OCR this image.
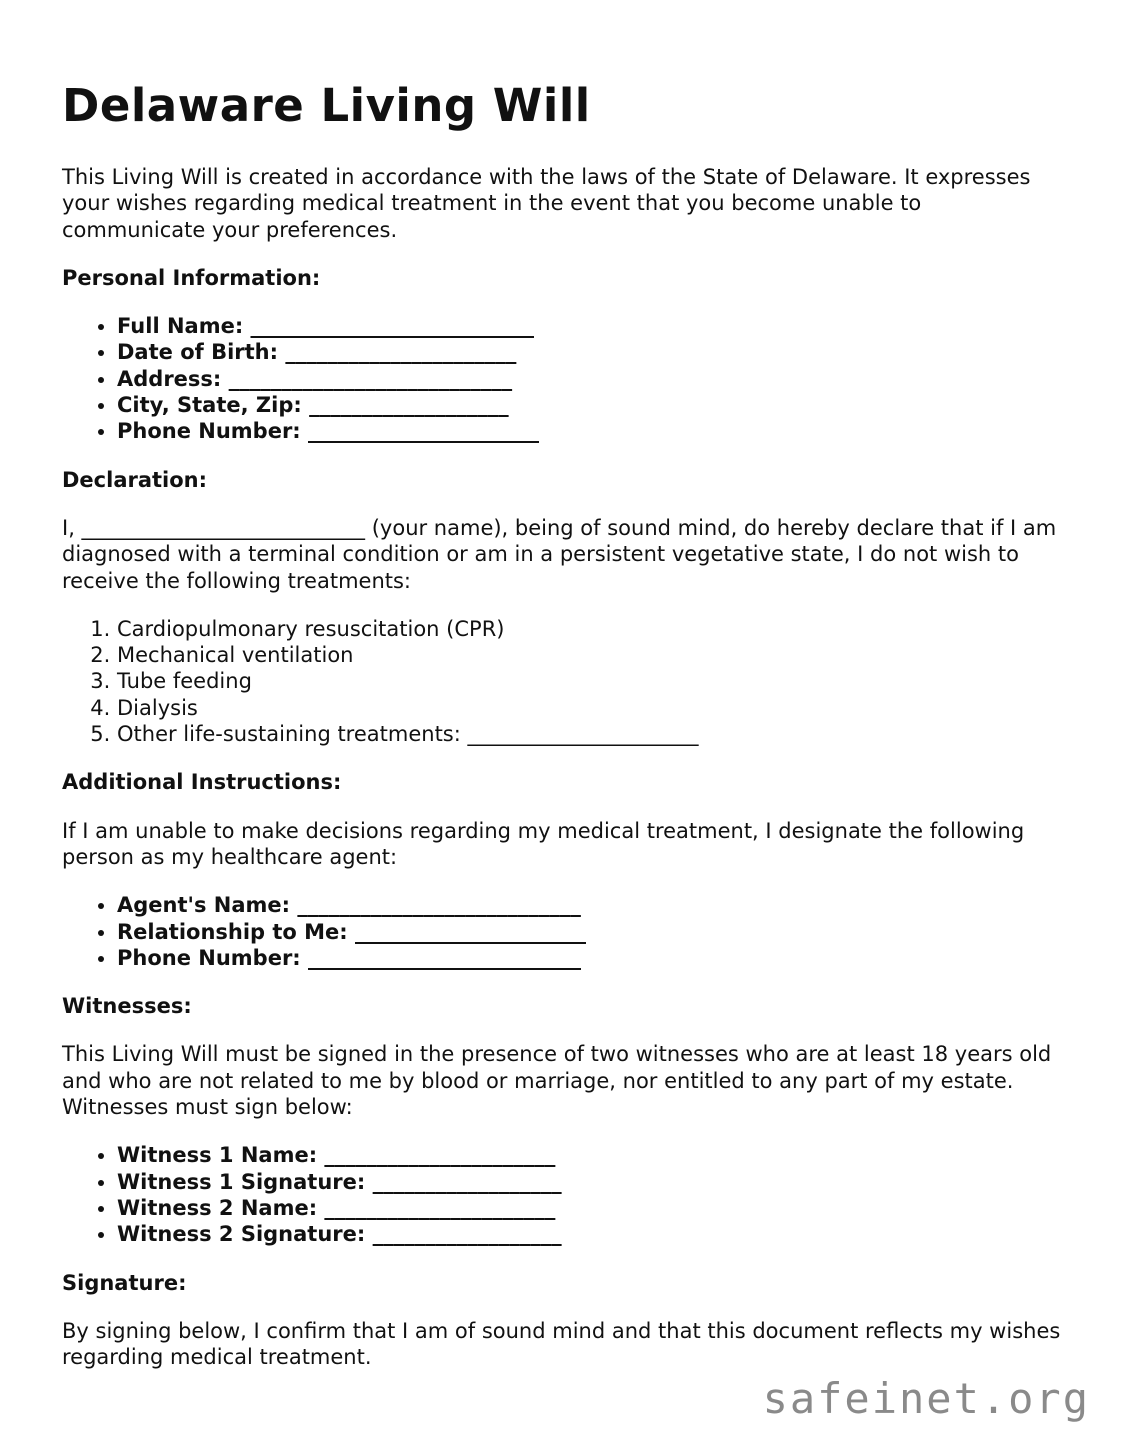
Delaware Living Will

This Living Will is created in accordance with the laws of the State of Delaware. It expresses your wishes regarding medical treatment in the event that you become unable to communicate your preferences.

Personal Information:
• Full Name: ___________________________
• Date of Birth: ______________________
• Address: ___________________________
• City, State, Zip: ___________________
• Phone Number: ______________________
Declaration:

I, ___________________________ (your name), being of sound mind, do hereby declare that if I am diagnosed with a terminal condition or am in a persistent vegetative state, I do not wish to receive the following treatments:

1. Cardiopulmonary resuscitation (CPR)
2. Mechanical ventilation
3. Tube feeding
4. Dialysis
5. Other life-sustaining treatments: ______________________
Additional Instructions:

If I am unable to make decisions regarding my medical treatment, I designate the following person as my healthcare agent:

• Agent's Name: ___________________________
• Relationship to Me: ______________________
• Phone Number: __________________________
Witnesses:

This Living Will must be signed in the presence of two witnesses who are at least 18 years old and who are not related to me by blood or marriage, nor entitled to any part of my estate. Witnesses must sign below:

• Witness 1 Name: ______________________
• Witness 1 Signature: __________________
• Witness 2 Name: ______________________
• Witness 2 Signature: __________________
Signature:

By signing below, I confirm that I am of sound mind and that this document reflects my wishes regarding medical treatment.

safeinet.org
